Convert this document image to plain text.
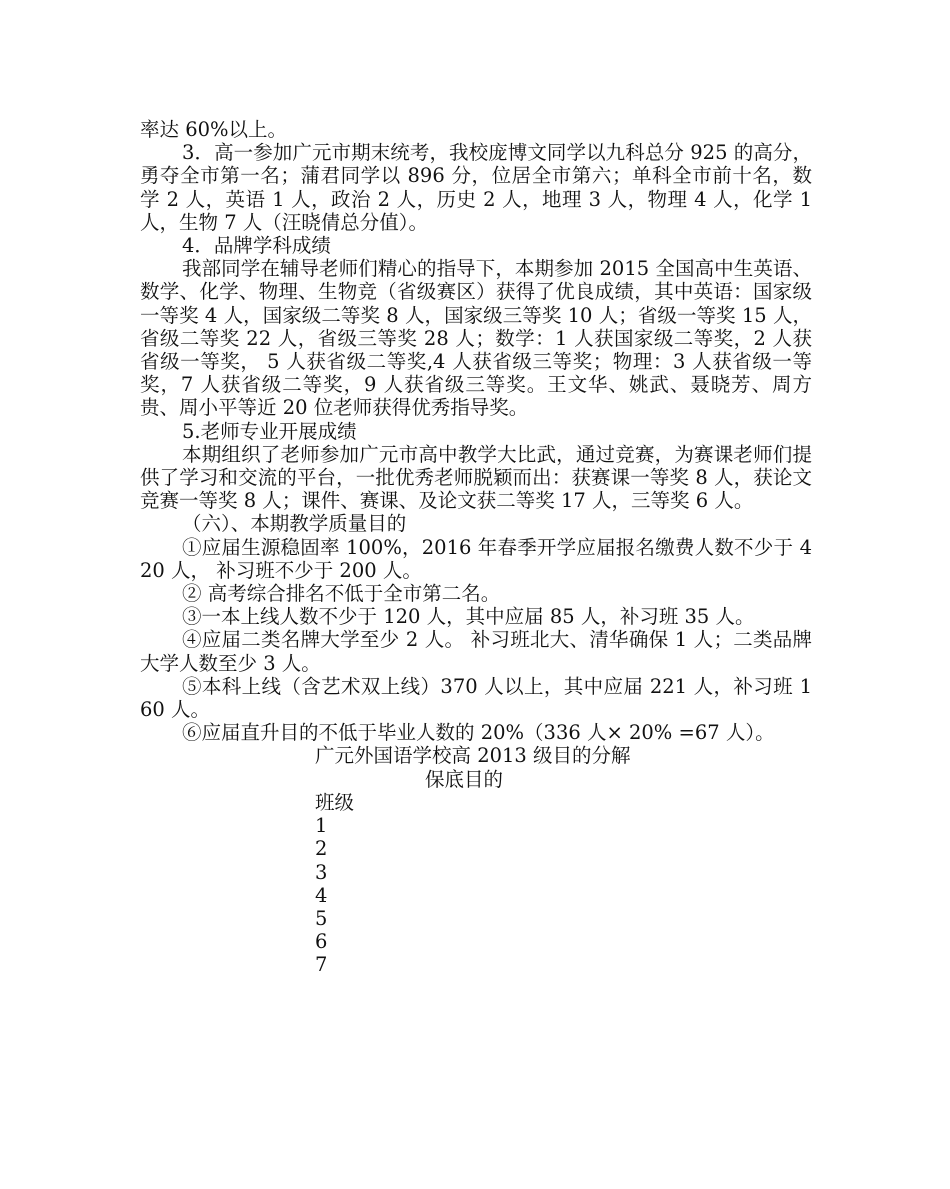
率达 60%以上。

3．高一参加广元市期末统考，我校庞博文同学以九科总分 925 的高分，勇夺全市第一名；蒲君同学以 896 分，位居全市第六；单科全市前十名，数学 2 人，英语 1 人，政治 2 人，历史 2 人，地理 3 人，物理 4 人，化学 1 人，生物 7 人（汪晓倩总分值）。

4．品牌学科成绩

我部同学在辅导老师们精心的指导下，本期参加 2015 全国高中生英语、数学、化学、物理、生物竞（省级赛区）获得了优良成绩，其中英语：国家级一等奖 4 人，国家级二等奖 8 人，国家级三等奖 10 人；省级一等奖 15 人，省级二等奖 22 人，省级三等奖 28 人；数学：1 人获国家级二等奖，2 人获省级一等奖， 5 人获省级二等奖,4 人获省级三等奖；物理：3 人获省级一等奖，7 人获省级二等奖，9 人获省级三等奖。王文华、姚武、聂晓芳、周方贵、周小平等近 20 位老师获得优秀指导奖。

5.老师专业开展成绩

本期组织了老师参加广元市高中教学大比武，通过竞赛，为赛课老师们提供了学习和交流的平台，一批优秀老师脱颖而出：获赛课一等奖 8 人，获论文竞赛一等奖 8 人；课件、赛课、及论文获二等奖 17 人，三等奖 6 人。

（六）、本期教学质量目的

①应届生源稳固率 100%，2016 年春季开学应届报名缴费人数不少于 420 人， 补习班不少于 200 人。

② 高考综合排名不低于全市第二名。

③一本上线人数不少于 120 人，其中应届 85 人，补习班 35 人。

④应届二类名牌大学至少 2 人。 补习班北大、清华确保 1 人；二类品牌大学人数至少 3 人。

⑤本科上线（含艺术双上线）370 人以上，其中应届 221 人，补习班 160 人。

⑥应届直升目的不低于毕业人数的 20%（336 人× 20% =67 人）。

广元外国语学校高 2013 级目的分解

保底目的

班级
1
2
3
4
5
6
7
